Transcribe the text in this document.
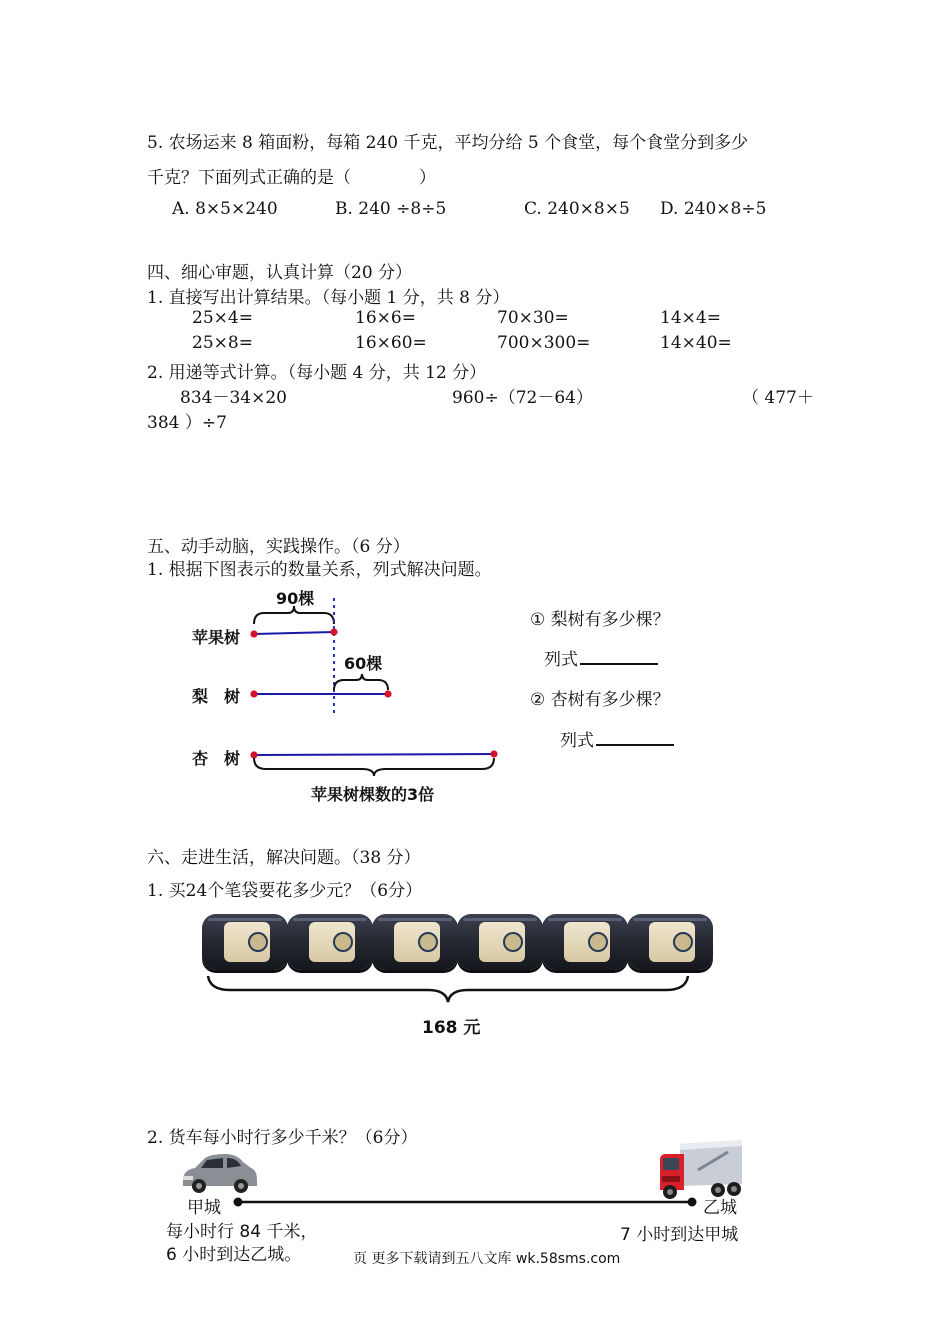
5. 农场运来 8 箱面粉，每箱 240 千克，平均分给 5 个食堂，每个食堂分到多少
千克？下面列式正确的是（　　　　）
A. 8×5×240	B. 240 ÷8÷5	C. 240×8×5 D. 240×8÷5
四、细心审题，认真计算（20 分）
1. 直接写出计算结果。（每小题 1 分，共 8 分）
25×4=	16×6=	70×30=	14×4=
25×8=	16×60=	700×300=	14×40=
2. 用递等式计算。（每小题 4 分，共 12 分）
834－34×20	960÷（72－64）	（ 477＋
384 ）÷7
五、动手动脑，实践操作。（6 分）
1. 根据下图表示的数量关系，列式解决问题。
90棵
苹果树
60棵
梨　树
杏　树
苹果树棵数的3倍
① 梨树有多少棵？
列式
② 杏树有多少棵？
列式
六、走进生活，解决问题。（38 分）
1. 买24个笔袋要花多少元？（6分）
168 元
2. 货车每小时行多少千米？（6分）
甲城	乙城
每小时行 84 千米，
6 小时到达乙城。
7 小时到达甲城
页 更多下载请到五八文库 wk.58sms.com
